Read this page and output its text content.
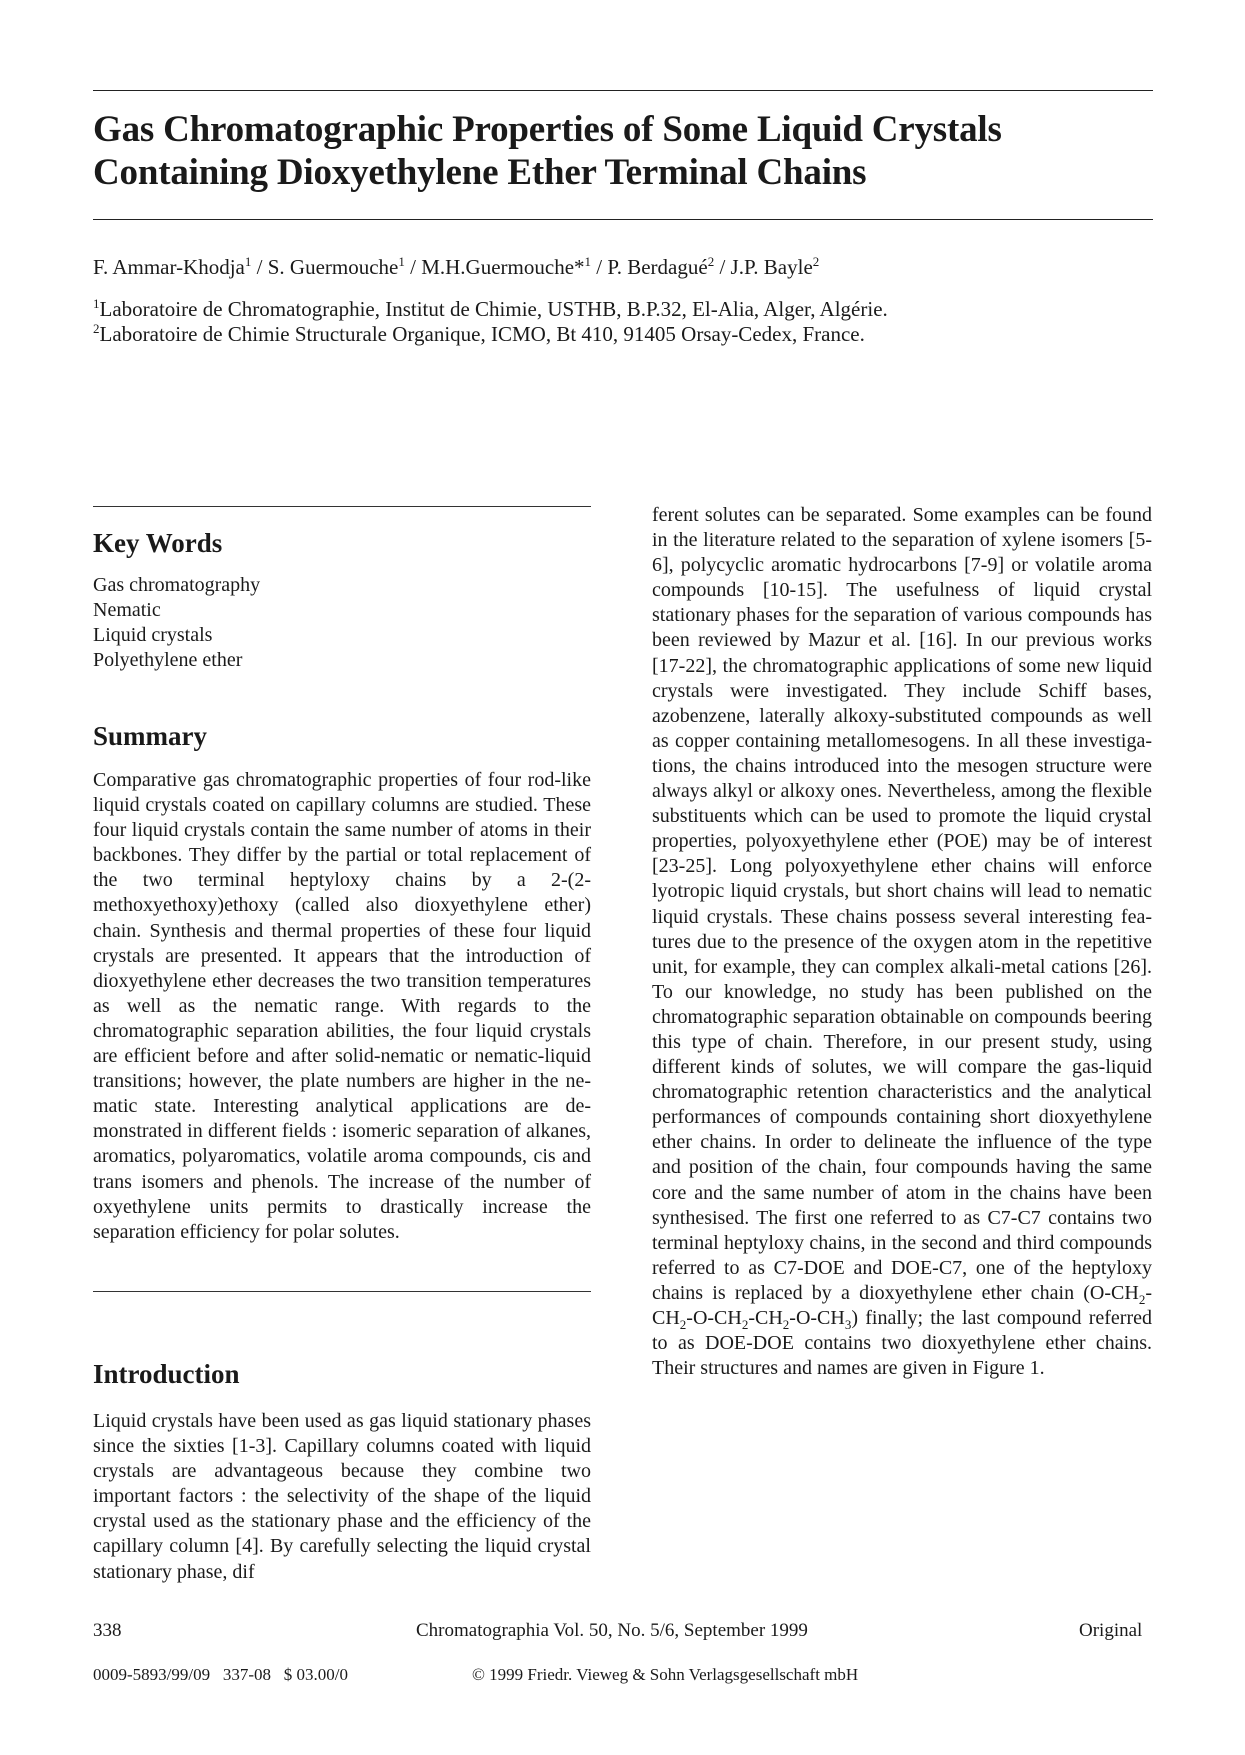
Gas Chromatographic Properties of Some Liquid Crystals
Containing Dioxyethylene Ether Terminal Chains
F. Ammar-Khodja$^1$ / S. Guermouche$^1$ / M.H.Guermouche*$^1$ / P. Berdagué$^2$ / J.P. Bayle$^2$
$^1$Laboratoire de Chromatographie, Institut de Chimie, USTHB, B.P.32, El-Alia, Alger, Algérie.
$^2$Laboratoire de Chimie Structurale Organique, ICMO, Bt 410, 91405 Orsay-Cedex, France.
Key Words
Gas chromatography
Nematic
Liquid crystals
Polyethylene ether
Summary

Comparative gas chromatographic properties of four rod-like liquid crystals coated on capillary columns are studied. These four liquid crystals contain the same number of atoms in their backbones. They differ by the partial or total replacement of the two terminal heptyloxy chains by a 2-(2-methoxyethoxy)ethoxy (called also dioxyethylene ether) chain. Synthesis and thermal properties of these four liquid crystals are presented. It appears that the introduction of dioxyethylene ether decreases the two transition temperatures as well as the nematic range. With regards to the chromatographic separation abilities, the four liquid crystals are efficient before and after solid-nematic or nematic-liquid transitions; however, the plate numbers are higher in the nematic state. Interesting analytical applications are demonstrated in different fields : isomeric separation of alkanes, aromatics, polyaromatics, volatile aroma compounds, cis and trans isomers and phenols. The increase of the number of oxyethylene units permits to drastically increase the separation efficiency for polar solutes.

Introduction

Liquid crystals have been used as gas liquid stationary phases since the sixties [1-3]. Capillary columns coated with liquid crystals are advantageous because they combine two important factors : the selectivity of the shape of the liquid crystal used as the stationary phase and the efficiency of the capillary column [4]. By carefully selecting the liquid crystal stationary phase, dif

ferent solutes can be separated. Some examples can be found in the literature related to the separation of xylene isomers [5-6], polycyclic aromatic hydrocarbons [7-9] or volatile aroma compounds [10-15]. The usefulness of liquid crystal stationary phases for the separation of various compounds has been reviewed by Mazur et al. [16]. In our previous works [17-22], the chromatographic applications of some new liquid crystals were investigated. They include Schiff bases, azobenzene, laterally alkoxy-substituted compounds as well as copper containing metallomesogens. In all these investigations, the chains introduced into the mesogen structure were always alkyl or alkoxy ones. Nevertheless, among the flexible substituents which can be used to promote the liquid crystal properties, polyoxyethylene ether (POE) may be of interest [23-25]. Long polyoxyethylene ether chains will enforce lyotropic liquid crystals, but short chains will lead to nematic liquid crystals. These chains possess several interesting features due to the presence of the oxygen atom in the repetitive unit, for example, they can complex alkali-metal cations [26]. To our knowledge, no study has been published on the chromatographic separation obtainable on compounds beering this type of chain. Therefore, in our present study, using different kinds of solutes, we will compare the gas-liquid chromatographic retention characteristics and the analytical performances of compounds containing short dioxyethylene ether chains. In order to delineate the influence of the type and position of the chain, four compounds having the same core and the same number of atom in the chains have been synthesised. The first one referred to as C7-C7 contains two terminal heptyloxy chains, in the second and third compounds referred to as C7-DOE and DOE-C7, one of the heptyloxy chains is replaced by a dioxyethylene ether chain $(O-CH_2-CH_2-O-CH_2-CH_2-O-CH_3)$ finally; the last compound referred to as DOE-DOE contains two dioxyethylene ether chains. Their structures and names are given in Figure 1.

338	Chromatographia Vol. 50, No. 5/6, September 1999	Original
0009-5893/99/09   337-08   $ 03.00/0	© 1999 Friedr. Vieweg & Sohn Verlagsgesellschaft mbH
